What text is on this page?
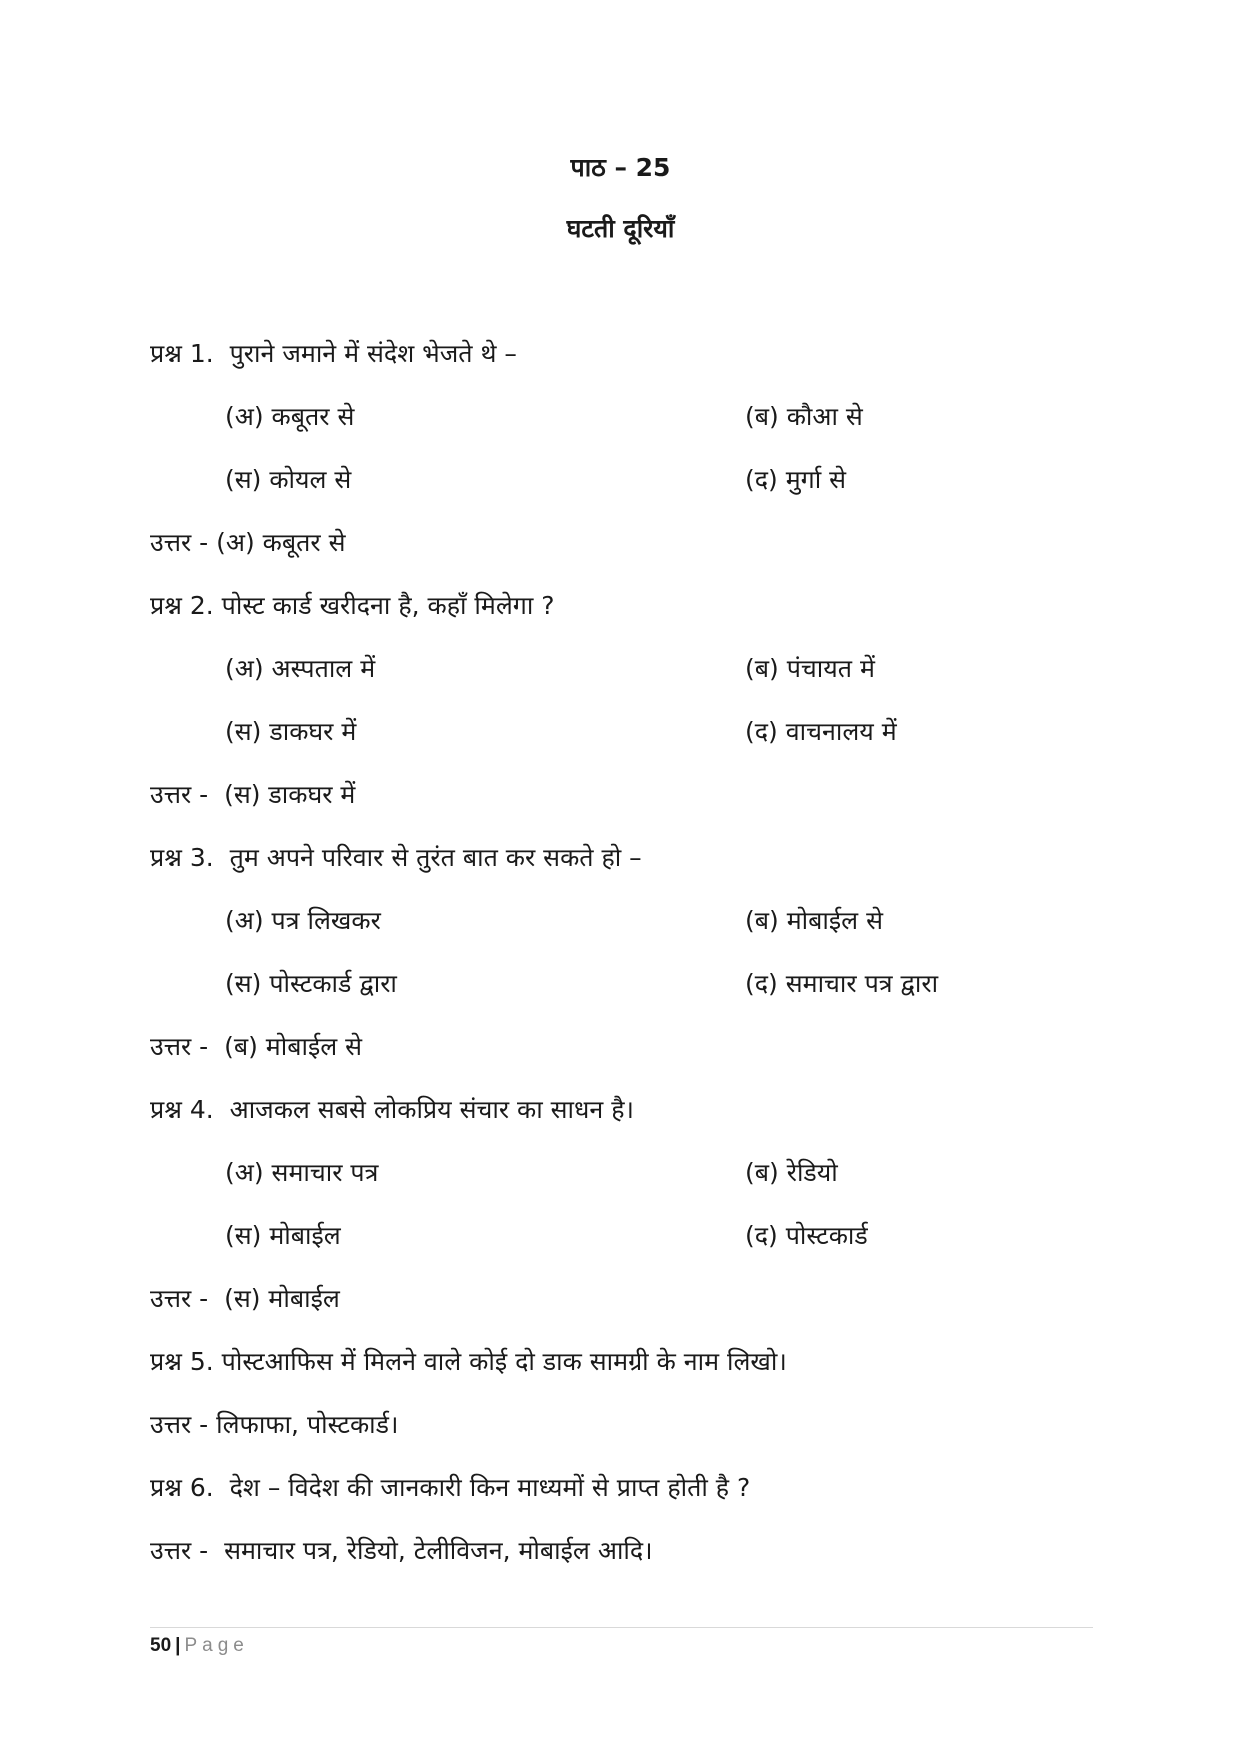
पाठ – 25
घटती दूरियाँ
प्रश्न 1. पुराने जमाने में संदेश भेजते थे –
(अ) कबूतर से	(ब) कौआ से
(स) कोयल से	(द) मुर्गा से
उत्तर - (अ) कबूतर से
प्रश्न 2. पोस्ट कार्ड खरीदना है, कहाँ मिलेगा ?
(अ) अस्पताल में	(ब) पंचायत में
(स) डाकघर में	(द) वाचनालय में
उत्तर - (स) डाकघर में
प्रश्न 3. तुम अपने परिवार से तुरंत बात कर सकते हो –
(अ) पत्र लिखकर	(ब) मोबाईल से
(स) पोस्टकार्ड द्वारा	(द) समाचार पत्र द्वारा
उत्तर - (ब) मोबाईल से
प्रश्न 4. आजकल सबसे लोकप्रिय संचार का साधन है।
(अ) समाचार पत्र	(ब) रेडियो
(स) मोबाईल	(द) पोस्टकार्ड
उत्तर - (स) मोबाईल
प्रश्न 5. पोस्टआफिस में मिलने वाले कोई दो डाक सामग्री के नाम लिखो।
उत्तर - लिफाफा, पोस्टकार्ड।
प्रश्न 6. देश – विदेश की जानकारी किन माध्यमों से प्राप्त होती है ?
उत्तर - समाचार पत्र, रेडियो, टेलीविजन, मोबाईल आदि।
50 | Page
